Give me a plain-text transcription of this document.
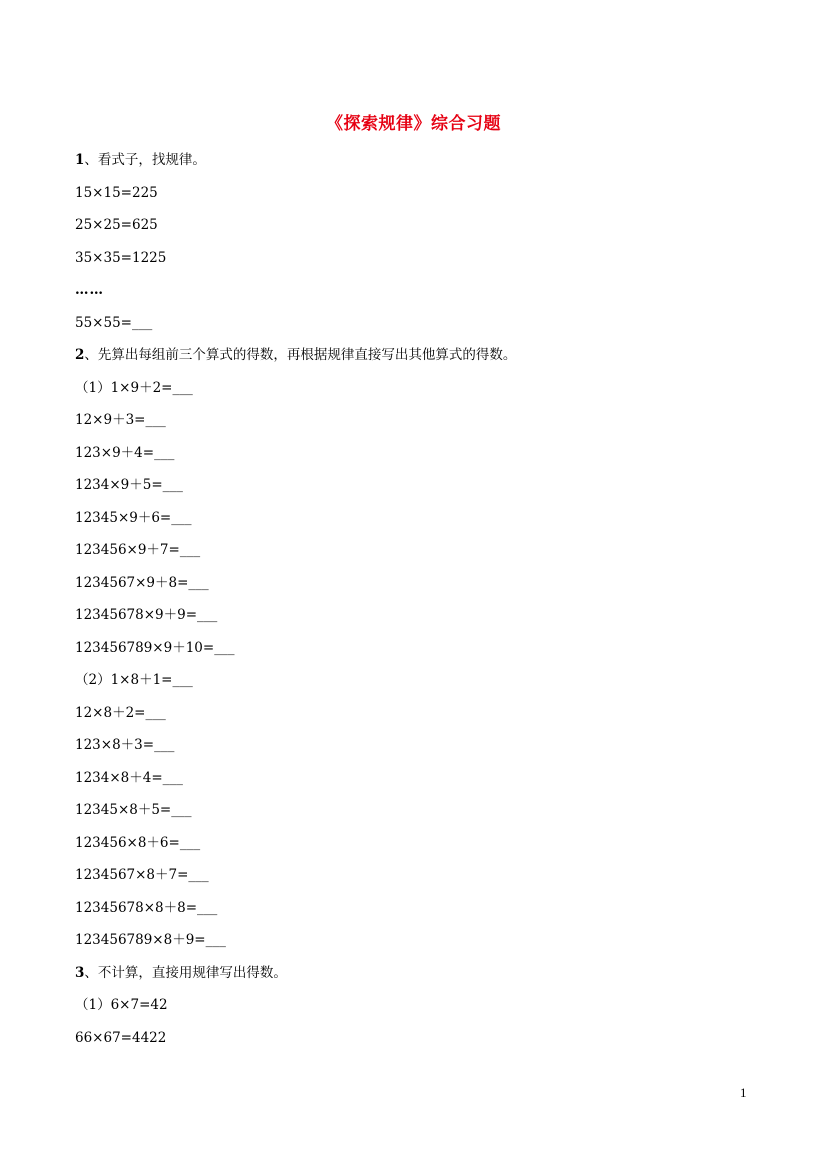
《探索规律》综合习题
1、看式子，找规律。
15×15=225
25×25=625
35×35=1225
……
55×55=___
2、先算出每组前三个算式的得数，再根据规律直接写出其他算式的得数。
（1）1×9＋2=___
12×9＋3=___
123×9＋4=___
1234×9＋5=___
12345×9＋6=___
123456×9＋7=___
1234567×9＋8=___
12345678×9＋9=___
123456789×9＋10=___
（2）1×8＋1=___
12×8＋2=___
123×8＋3=___
1234×8＋4=___
12345×8＋5=___
123456×8＋6=___
1234567×8＋7=___
12345678×8＋8=___
123456789×8＋9=___
3、不计算，直接用规律写出得数。
（1）6×7=42
66×67=4422
1
